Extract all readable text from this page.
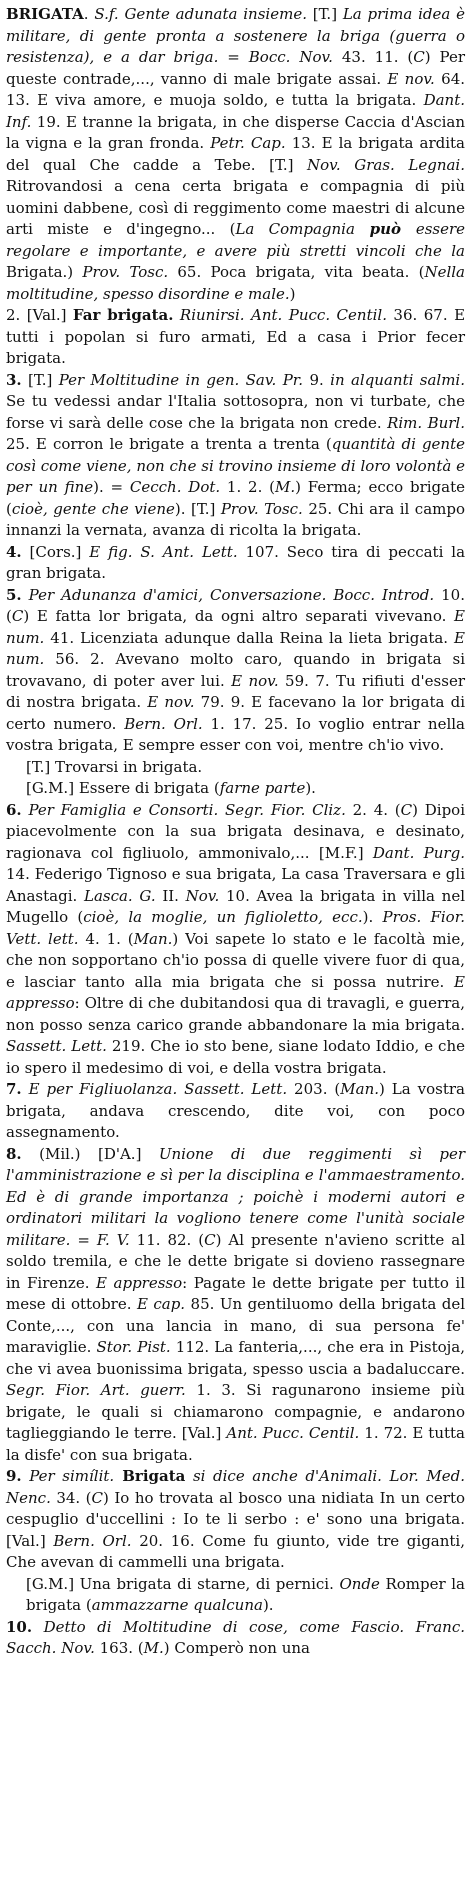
BRIGATA. S.f. Gente adunata insieme. [T.] La prima idea è militare, di gente pronta a sostenere la briga (guerra o resistenza), e a dar briga. = Bocc. Nov. 43. 11. (C) Per queste contrade,..., vanno di male brigate assai. E nov. 64. 13. E viva amore, e muoja soldo, e tutta la brigata. Dant. Inf. 19. E tranne la brigata, in che disperse Caccia d'Ascian la vigna e la gran fronda. Petr. Cap. 13. E la brigata ardita del qual Che cadde a Tebe. [T.] Nov. Gras. Legnai. Ritrovandosi a cena certa brigata e compagnia di più uomini dabbene, così di reggimento come maestri di alcune arti miste e d'ingegno... (La Compagnia può essere regolare e importante, e avere più stretti vincoli che la Brigata.) Prov. Tosc. 65. Poca brigata, vita beata. (Nella moltitudine, spesso disordine e male.)

2. [Val.] Far brigata. Riunirsi. Ant. Pucc. Centil. 36. 67. E tutti i popolan si furo armati, Ed a casa i Prior fecer brigata.

3. [T.] Per Moltitudine in gen. Sav. Pr. 9. in alquanti salmi. Se tu vedessi andar l'Italia sottosopra, non vi turbate, che forse vi sarà delle cose che la brigata non crede. Rim. Burl. 25. E corron le brigate a trenta a trenta (quantità di gente così come viene, non che si trovino insieme di loro volontà e per un fine). = Cecch. Dot. 1. 2. (M.) Ferma; ecco brigate (cioè, gente che viene). [T.] Prov. Tosc. 25. Chi ara il campo innanzi la vernata, avanza di ricolta la brigata.

4. [Cors.] E fig. S. Ant. Lett. 107. Seco tira di peccati la gran brigata.

5. Per Adunanza d'amici, Conversazione. Bocc. Introd. 10. (C) E fatta lor brigata, da ogni altro separati vivevano. E num. 41. Licenziata adunque dalla Reina la lieta brigata. E num. 56. 2. Avevano molto caro, quando in brigata si trovavano, di poter aver lui. E nov. 59. 7. Tu rifiuti d'esser di nostra brigata. E nov. 79. 9. E facevano la lor brigata di certo numero. Bern. Orl. 1. 17. 25. Io voglio entrar nella vostra brigata, E sempre esser con voi, mentre ch'io vivo.

[T.] Trovarsi in brigata.

[G.M.] Essere di brigata (farne parte).

6. Per Famiglia e Consorti. Segr. Fior. Cliz. 2. 4. (C) Dipoi piacevolmente con la sua brigata desinava, e desinato, ragionava col figliuolo, ammonivalo,... [M.F.] Dant. Purg. 14. Federigo Tignoso e sua brigata, La casa Traversara e gli Anastagi. Lasca. G. II. Nov. 10. Avea la brigata in villa nel Mugello (cioè, la moglie, un figlioletto, ecc.). Pros. Fior. Vett. lett. 4. 1. (Man.) Voi sapete lo stato e le facoltà mie, che non sopportano ch'io possa di quelle vivere fuor di qua, e lasciar tanto alla mia brigata che si possa nutrire. E appresso: Oltre di che dubitandosi qua di travagli, e guerra, non posso senza carico grande abbandonare la mia brigata. Sassett. Lett. 219. Che io sto bene, siane lodato Iddio, e che io spero il medesimo di voi, e della vostra brigata.

7. E per Figliuolanza. Sassett. Lett. 203. (Man.) La vostra brigata, andava crescendo, dite voi, con poco assegnamento.

8. (Mil.) [D'A.] Unione di due reggimenti sì per l'amministrazione e sì per la disciplina e l'ammaestramento. Ed è di grande importanza ; poichè i moderni autori e ordinatori militari la vogliono tenere come l'unità sociale militare. = F. V. 11. 82. (C) Al presente n'avieno scritte al soldo tremila, e che le dette brigate si dovieno rassegnare in Firenze. E appresso: Pagate le dette brigate per tutto il mese di ottobre. E cap. 85. Un gentiluomo della brigata del Conte,..., con una lancia in mano, di sua persona fe' maraviglie. Stor. Pist. 112. La fanteria,..., che era in Pistoja, che vi avea buonissima brigata, spesso uscia a badaluccare. Segr. Fior. Art. guerr. 1. 3. Si ragunarono insieme più brigate, le quali si chiamarono compagnie, e andarono taglieggiando le terre. [Val.] Ant. Pucc. Centil. 1. 72. E tutta la disfe' con sua brigata.

9. Per simílit. Brigata si dice anche d'Animali. Lor. Med. Nenc. 34. (C) Io ho trovata al bosco una nidiata In un certo cespuglio d'uccellini : Io te li serbo : e' sono una brigata. [Val.] Bern. Orl. 20. 16. Come fu giunto, vide tre giganti, Che avevan di cammelli una brigata.

[G.M.] Una brigata di starne, di pernici. Onde Romper la brigata (ammazzarne qualcuna).

10. Detto di Moltitudine di cose, come Fascio. Franc. Sacch. Nov. 163. (M.) Comperò non una
